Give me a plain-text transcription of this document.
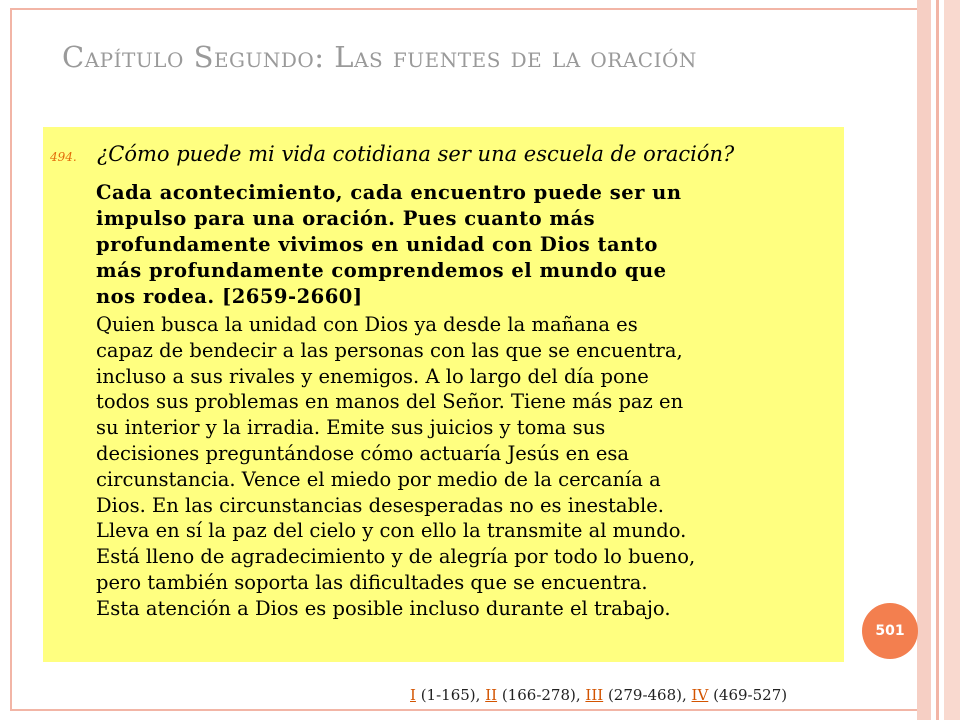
Capítulo Segundo: Las fuentes de la oración
494. ¿Cómo puede mi vida cotidiana ser una escuela de oración?
Cada acontecimiento, cada encuentro puede ser un
impulso para una oración. Pues cuanto más
profundamente vivimos en unidad con Dios tanto
más profundamente comprendemos el mundo que
nos rodea. [2659-2660]
Quien busca la unidad con Dios ya desde la mañana es
capaz de bendecir a las personas con las que se encuentra,
incluso a sus rivales y enemigos. A lo largo del día pone
todos sus problemas en manos del Señor. Tiene más paz en
su interior y la irradia. Emite sus juicios y toma sus
decisiones preguntándose cómo actuaría Jesús en esa
circunstancia. Vence el miedo por medio de la cercanía a
Dios. En las circunstancias desesperadas no es inestable.
Lleva en sí la paz del cielo y con ello la transmite al mundo.
Está lleno de agradecimiento y de alegría por todo lo bueno,
pero también soporta las dificultades que se encuentra.
Esta atención a Dios es posible incluso durante el trabajo.
501
I (1-165), II (166-278), III (279-468), IV (469-527)
